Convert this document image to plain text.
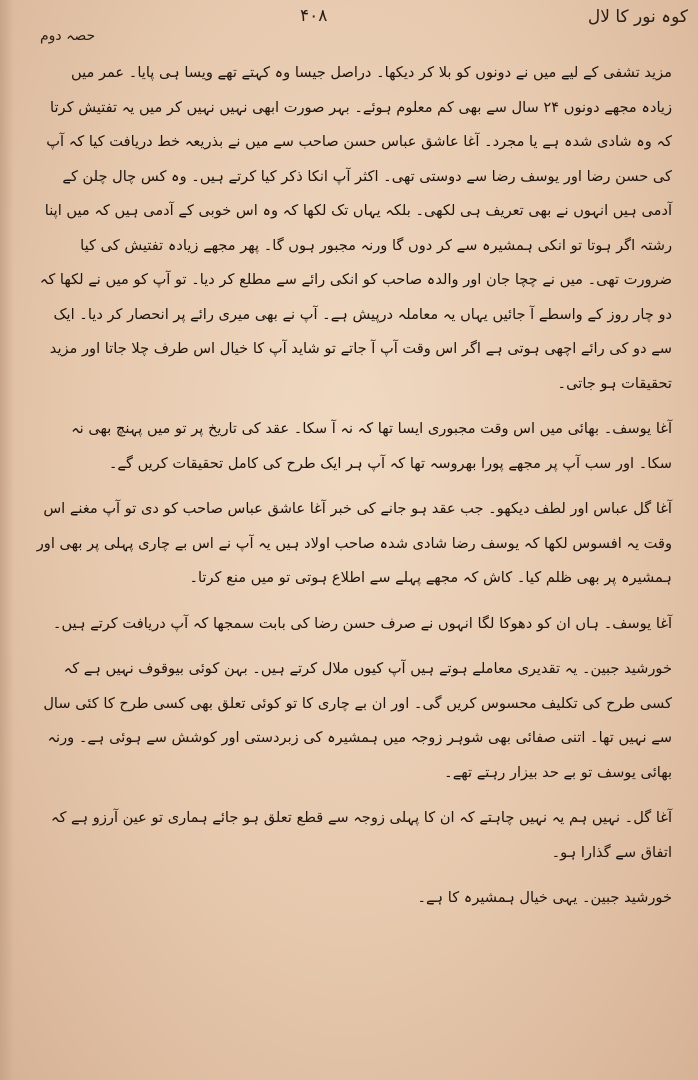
کوہ نور کا لال
۴۰۸
حصہ دوم

مزید تشفی کے لیے میں نے دونوں کو بلا کر دیکھا۔ دراصل جیسا وہ کہتے تھے ویسا ہی پایا۔ عمر میں زیادہ مجھے دونوں ۲۴ سال سے بھی کم معلوم ہوئے۔ بہر صورت ابھی نہیں نہیں کر میں یہ تفتیش کرتا کہ وہ شادی شدہ ہے یا مجرد۔ آغا عاشق عباس حسن صاحب سے میں نے بذریعہ خط دریافت کیا کہ آپ کی حسن رضا اور یوسف رضا سے دوستی تھی۔ اکثر آپ انکا ذکر کیا کرتے ہیں۔ وہ کس چال چلن کے آدمی ہیں انہوں نے بھی تعریف ہی لکھی۔ بلکہ یہاں تک لکھا کہ وہ اس خوبی کے آدمی ہیں کہ میں اپنا رشتہ اگر ہوتا تو انکی ہمشیرہ سے کر دوں گا ورنہ مجبور ہوں گا۔ پھر مجھے زیادہ تفتیش کی کیا ضرورت تھی۔ میں نے چچا جان اور والدہ صاحب کو انکی رائے سے مطلع کر دیا۔ تو آپ کو میں نے لکھا کہ دو چار روز کے واسطے آ جائیں یہاں یہ معاملہ درپیش ہے۔ آپ نے بھی میری رائے پر انحصار کر دیا۔ ایک سے دو کی رائے اچھی ہوتی ہے اگر اس وقت آپ آ جاتے تو شاید آپ کا خیال اس طرف چلا جاتا اور مزید تحقیقات ہو جاتی۔

آغا یوسف۔ بھائی میں اس وقت مجبوری ایسا تھا کہ نہ آ سکا۔ عقد کی تاریخ پر تو میں پہنچ بھی نہ سکا۔ اور سب آپ پر مجھے پورا بھروسہ تھا کہ آپ ہر ایک طرح کی کامل تحقیقات کریں گے۔

آغا گل عباس اور لطف دیکھو۔ جب عقد ہو جانے کی خبر آغا عاشق عباس صاحب کو دی تو آپ مغنے اس وقت یہ افسوس لکھا کہ یوسف رضا شادی شدہ صاحب اولاد ہیں یہ آپ نے اس بے چاری پہلی پر بھی اور ہمشیرہ پر بھی ظلم کیا۔ کاش کہ مجھے پہلے سے اطلاع ہوتی تو میں منع کرتا۔

آغا یوسف۔ ہاں ان کو دھوکا لگا انہوں نے صرف حسن رضا کی بابت سمجھا کہ آپ دریافت کرتے ہیں۔

خورشید جبین۔ یہ تقدیری معاملے ہوتے ہیں آپ کیوں ملال کرتے ہیں۔ بہن کوئی بیوقوف نہیں ہے کہ کسی طرح کی تکلیف محسوس کریں گی۔ اور ان بے چاری کا تو کوئی تعلق بھی کسی طرح کا کئی سال سے نہیں تھا۔ اتنی صفائی بھی شوہر زوجہ میں ہمشیرہ کی زبردستی اور کوشش سے ہوئی ہے۔ ورنہ بھائی یوسف تو بے حد بیزار رہتے تھے۔

آغا گل۔ نہیں ہم یہ نہیں چاہتے کہ ان کا پہلی زوجہ سے قطع تعلق ہو جائے ہماری تو عین آرزو ہے کہ اتفاق سے گذارا ہو۔

خورشید جبین۔ یہی خیال ہمشیرہ کا ہے۔
